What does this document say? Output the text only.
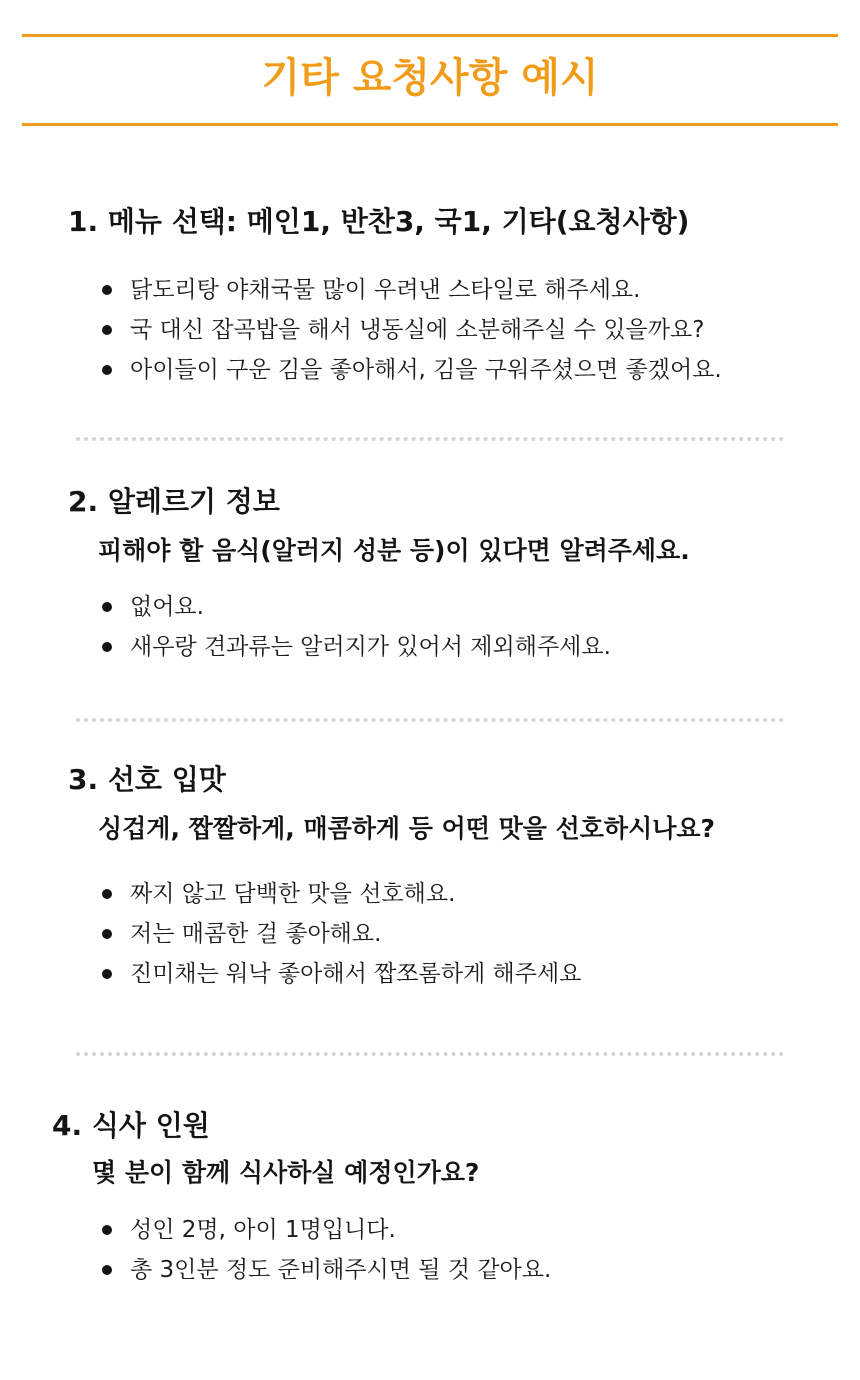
기타 요청사항 예시
1. 메뉴 선택: 메인1, 반찬3, 국1, 기타(요청사항)
닭도리탕 야채국물 많이 우려낸 스타일로 해주세요.
국 대신 잡곡밥을 해서 냉동실에 소분해주실 수 있을까요?
아이들이 구운 김을 좋아해서, 김을 구워주셨으면 좋겠어요.
2. 알레르기 정보

피해야 할 음식(알러지 성분 등)이 있다면 알려주세요.

없어요.
새우랑 견과류는 알러지가 있어서 제외해주세요.
3. 선호 입맛

싱겁게, 짭짤하게, 매콤하게 등 어떤 맛을 선호하시나요?

짜지 않고 담백한 맛을 선호해요.
저는 매콤한 걸 좋아해요.
진미채는 워낙 좋아해서 짭쪼롬하게 해주세요
4. 식사 인원

몇 분이 함께 식사하실 예정인가요?

성인 2명, 아이 1명입니다.
총 3인분 정도 준비해주시면 될 것 같아요.
